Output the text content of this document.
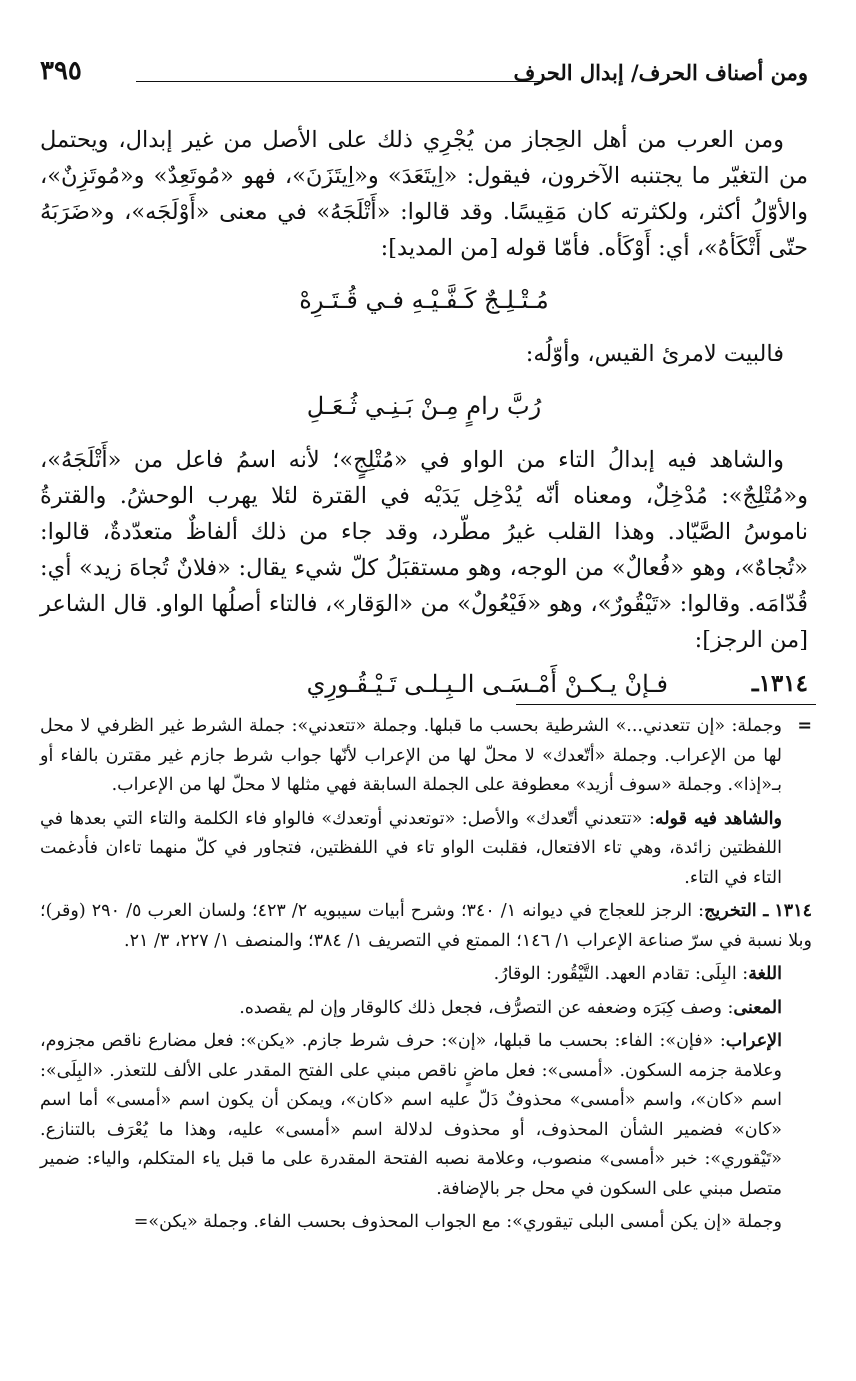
ومن أصناف الحرف/ إبدال الحرف
٣٩٥

ومن العرب من أهل الحِجاز من يُجْرِي ذلك على الأصل من غير إبدال، ويحتمل من التغيّر ما يجتنبه الآخرون، فيقول: «اِيتَعَدَ» و«اِيتَزَنَ»، فهو «مُوتَعِدٌ» و«مُوتَزِنٌ»، والأوّلُ أكثر، ولكثرته كان مَقِيسًا. وقد قالوا: «أَتْلَجَهُ» في معنى «أَوْلَجَه»، و«ضَرَبَهُ حتّى أَتْكَأهُ»، أي: أَوْكَأه. فأمّا قوله [من المديد]:

مُـتْـلِـجٌ كَـفَّـيْـهِ فـي قُـتَـرِهْ

فالبيت لامرئ القيس، وأوّلُه:

رُبَّ رامٍ مِـنْ بَـنِـي ثُـعَـلِ

والشاهد فيه إبدالُ التاء من الواو في «مُتْلِجٍ»؛ لأنه اسمُ فاعل من «أَتْلَجَهُ»، و«مُتْلِجٌ»: مُدْخِلٌ، ومعناه أنّه يُدْخِل يَدَيْه في القترة لئلا يهرب الوحشُ. والقترةُ ناموسُ الصَّيّاد. وهذا القلب غيرُ مطّرد، وقد جاء من ذلك ألفاظٌ متعدّدةٌ، قالوا: «تُجاهٌ»، وهو «فُعالٌ» من الوجه، وهو مستقبَلُ كلّ شيء يقال: «فلانٌ تُجاهَ زيد» أي: قُدّامَه. وقالوا: «تَيْقُورٌ»، وهو «فَيْعُولٌ» من «الوَقار»، فالتاء أصلُها الواو. قال الشاعر [من الرجز]:

١٣١٤ـ
فـإنْ يـكـنْ أَمْـسَـى الـبِـلـى تَـيْـقُـورِي

=
وجملة: «إن تتعدني...» الشرطية بحسب ما قبلها. وجملة «تتعدني»: جملة الشرط غير الظرفي لا محل لها من الإعراب. وجملة «أتّعدك» لا محلّ لها من الإعراب لأنّها جواب شرط جازم غير مقترن بالفاء أو بـ«إذا». وجملة «سوف أزيد» معطوفة على الجملة السابقة فهي مثلها لا محلّ لها من الإعراب.

والشاهد فيه قوله: «تتعدني أتّعدك» والأصل: «توتعدني أوتعدك» فالواو فاء الكلمة والتاء التي بعدها في اللفظتين زائدة، وهي تاء الافتعال، فقلبت الواو تاء في اللفظتين، فتجاور في كلّ منهما تاءان فأدغمت التاء في التاء.

١٣١٤ـ التخريج: الرجز للعجاج في ديوانه ١/ ٣٤٠؛ وشرح أبيات سيبويه ٢/ ٤٢٣؛ ولسان العرب ٥/ ٢٩٠ (وقر)؛ وبلا نسبة في سرّ صناعة الإعراب ١/ ١٤٦؛ الممتع في التصريف ١/ ٣٨٤؛ والمنصف ١/ ٢٢٧، ٣/ ٢١.

اللغة: البِلَى: تقادم العهد. التَّيْقُور: الوقارُ.

المعنى: وصف كِبَرَه وضعفه عن التصرُّف، فجعل ذلك كالوقار وإن لم يقصده.

الإعراب: «فإن»: الفاء: بحسب ما قبلها، «إن»: حرف شرط جازم. «يكن»: فعل مضارع ناقص مجزوم، وعلامة جزمه السكون. «أمسى»: فعل ماضٍ ناقص مبني على الفتح المقدر على الألف للتعذر. «البِلَى»: اسم «كان»، واسم «أمسى» محذوفٌ دَلّ عليه اسم «كان»، ويمكن أن يكون اسم «أمسى» أما اسم «كان» فضمير الشأن المحذوف، أو محذوف لدلالة اسم «أمسى» عليه، وهذا ما يُعْرَف بالتنازع. «تَيْقوري»: خبر «أمسى» منصوب، وعلامة نصبه الفتحة المقدرة على ما قبل ياء المتكلم، والياء: ضمير متصل مبني على السكون في محل جر بالإضافة.

وجملة «إن يكن أمسى البلى تيقوري»: مع الجواب المحذوف بحسب الفاء. وجملة «يكن»=
